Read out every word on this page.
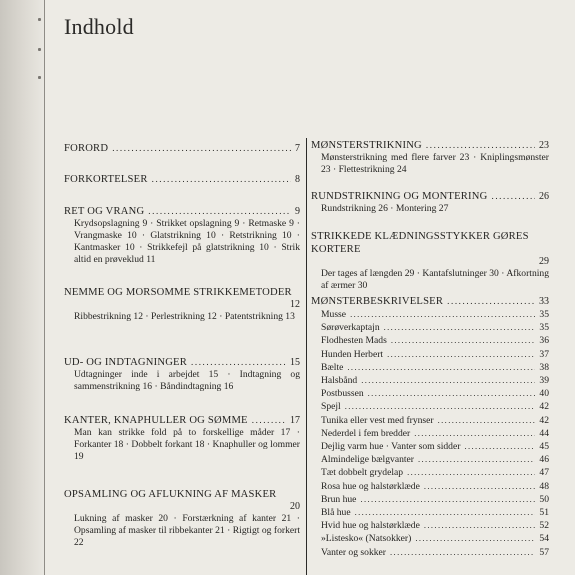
Indhold
FORORD .....	7
FORKORTELSER .....	8
RET OG VRANG .....	9
Krydsopslagning 9 · Strikket opslagning 9 · Retmaske 9 · Vrangmaske 10 · Glatstrikning 10 · Retstrikning 10 · Kantmasker 10 · Strikkefejl på glatstrikning 10 · Strik altid en prøveklud 11
NEMME OG MORSOMME STRIKKEMETODER
12
Ribbestrikning 12 · Perlestrikning 12 · Patentstrikning 13
UD- OG INDTAGNINGER .....	15
Udtagninger inde i arbejdet 15 · Indtagning og sammenstrikning 16 · Båndindtagning 16
KANTER, KNAPHULLER OG SØMME .....	17
Man kan strikke fold på to forskellige måder 17 · Forkanter 18 · Dobbelt forkant 18 · Knaphuller og lommer 19
OPSAMLING OG AFLUKNING AF MASKER
20
Lukning af masker 20 · Forstærkning af kanter 21 · Opsamling af masker til ribbekanter 21 · Rigtigt og forkert 22
MØNSTERSTRIKNING .....	23
Mønsterstrikning med flere farver 23 · Kniplingsmønster 23 · Flettestrikning 24
RUNDSTRIKNING OG MONTERING .....	26
Rundstrikning 26 · Montering 27
STRIKKEDE KLÆDNINGSSTYKKER GØRES KORTERE
29
Der tages af længden 29 · Kantafslutninger 30 · Afkortning af ærmer 30
MØNSTERBESKRIVELSER .....	33
Musse .....	35
Sørøverkaptajn .....	35
Flodhesten Mads .....	36
Hunden Herbert .....	37
Bælte .....	38
Halsbånd .....	39
Postbussen .....	40
Spejl .....	42
Tunika eller vest med frynser .....	42
Nederdel i fem bredder .....	44
Dejlig varm hue · Vanter som sidder .....	45
Almindelige bælgvanter .....	46
Tæt dobbelt grydelap .....	47
Rosa hue og halstørklæde .....	48
Brun hue .....	50
Blå hue .....	51
Hvid hue og halstørklæde .....	52
»Listesko« (Natsokker) .....	54
Vanter og sokker .....	57
